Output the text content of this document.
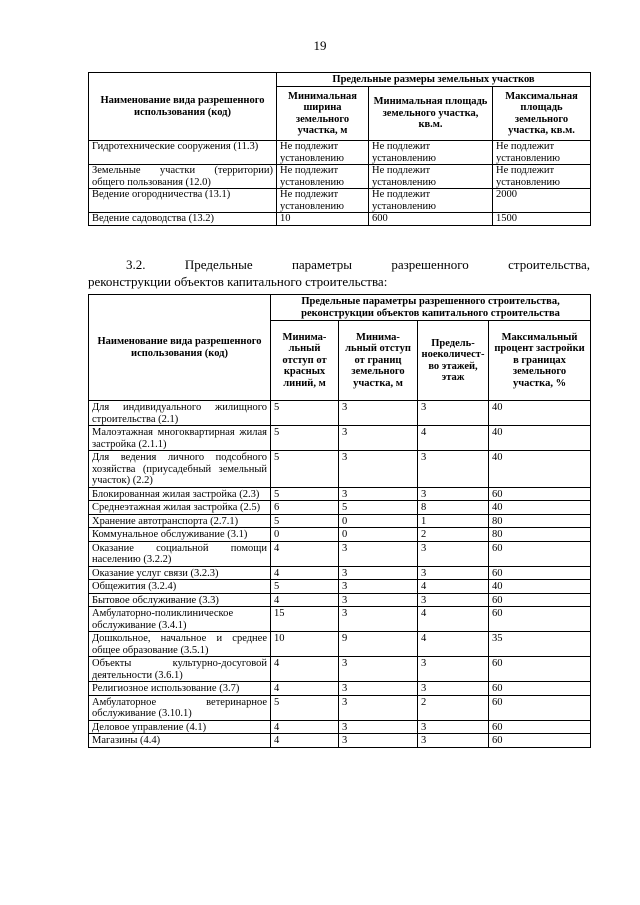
19
Наименование вида разрешенного использования (код)	Предельные размеры земельных участков		
	Минимальная ширина земельного участка, м	Минимальная площадь земельного участка, кв.м.	Максимальная площадь земельного участка, кв.м.
Гидротехнические сооружения (11.3)	Не подлежит установлению	Не подлежит установлению	Не подлежит установлению
Земельные участки (территории) общего пользования (12.0)	Не подлежит установлению	Не подлежит установлению	Не подлежит установлению
Ведение огородничества (13.1)	Не подлежит установлению	Не подлежит установлению	2000
Ведение садоводства (13.2)	10	600	1500
3.2.	Предельные	параметры	разрешенного	строительства,
реконструкции объектов капитального строительства:
Наименование вида разрешенного использования (код)	Предельные параметры разрешенного строительства, реконструкции объектов капитального строительства			
	Минима-льный отступ от красных линий, м	Минима-льный отступ от границ земельного участка, м	Предель-ноеколичест-во этажей, этаж	Максимальный процент застройки в границах земельного участка, %
Для индивидуального жилищного строительства (2.1)	5	3	3	40
Малоэтажная многоквартирная жилая застройка (2.1.1)	5	3	4	40
Для ведения личного подсобного хозяйства (приусадебный земельный участок) (2.2)	5	3	3	40
Блокированная жилая застройка (2.3)	5	3	3	60
Среднеэтажная жилая застройка (2.5)	6	5	8	40
Хранение автотранспорта (2.7.1)	5	0	1	80
Коммунальное обслуживание (3.1)	0	0	2	80
Оказание социальной помощи населению (3.2.2)	4	3	3	60
Оказание услуг связи (3.2.3)	4	3	3	60
Общежития (3.2.4)	5	3	4	40
Бытовое обслуживание (3.3)	4	3	3	60
Амбулаторно-поликлиническое обслуживание (3.4.1)	15	3	4	60
Дошкольное, начальное и среднее общее образование (3.5.1)	10	9	4	35
Объекты культурно-досуговой деятельности (3.6.1)	4	3	3	60
Религиозное использование (3.7)	4	3	3	60
Амбулаторное ветеринарное обслуживание (3.10.1)	5	3	2	60
Деловое управление (4.1)	4	3	3	60
Магазины (4.4)	4	3	3	60
